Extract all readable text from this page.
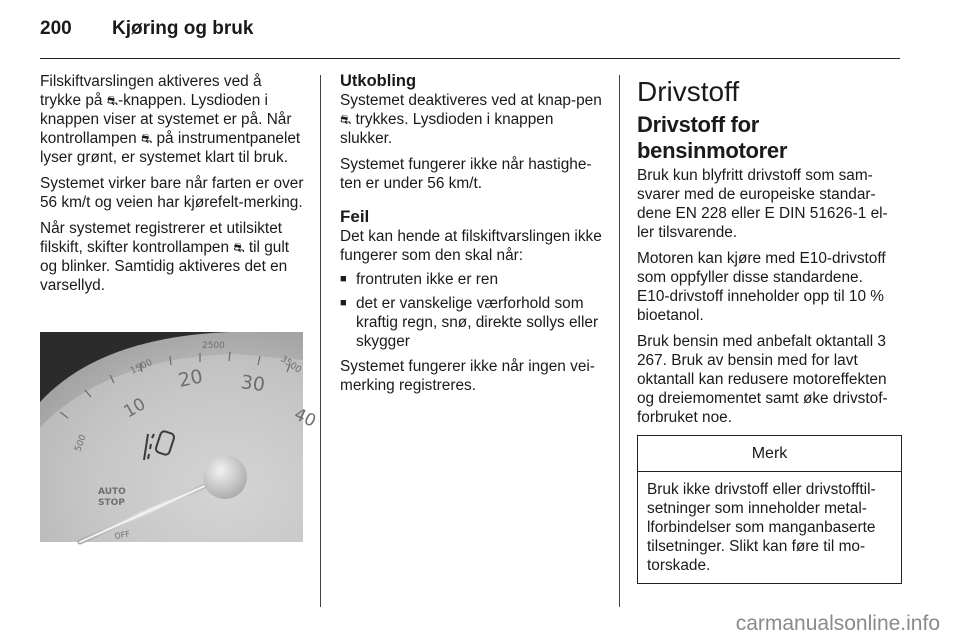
200 Kjøring og bruk

Filskiftvarslingen aktiveres ved å trykke på ⛐-knappen. Lysdioden i knappen viser at systemet er på. Når kontrollampen ⛐ på instrumentpanelet lyser grønt, er systemet klart til bruk.

Systemet virker bare når farten er over 56 km/t og veien har kjørefelt-merking.

Når systemet registrerer et utilsiktet filskift, skifter kontrollampen ⛐ til gult og blinker. Samtidig aktiveres det en varsellyd.

10
20 30
40
500
1500
2500
3500
AUTO
STOP
OFF
Utkobling

Systemet deaktiveres ved at knap-pen ⛐ trykkes. Lysdioden i knappen slukker.

Systemet fungerer ikke når hastighe-ten er under 56 km/t.

Feil

Det kan hende at filskiftvarslingen ikke fungerer som den skal når:

■ frontruten ikke er ren
■ det er vanskelige værforhold som kraftig regn, snø, direkte sollys eller skygger

Systemet fungerer ikke når ingen vei-merking registreres.

Drivstoff
Drivstoff for bensinmotorer

Bruk kun blyfritt drivstoff som sam-svarer med de europeiske standar-dene EN 228 eller E DIN 51626-1 el-ler tilsvarende.

Motoren kan kjøre med E10-drivstoff som oppfyller disse standardene.

E10-drivstoff inneholder opp til 10 % bioetanol.

Bruk bensin med anbefalt oktantall 3 267. Bruk av bensin med for lavt oktantall kan redusere motoreffekten og dreiemomentet samt øke drivstof-forbruket noe.

Merk
Bruk ikke drivstoff eller drivstofftil-setninger som inneholder metal-lforbindelser som manganbaserte tilsetninger. Slikt kan føre til mo-torskade.
carmanualsonline.info
